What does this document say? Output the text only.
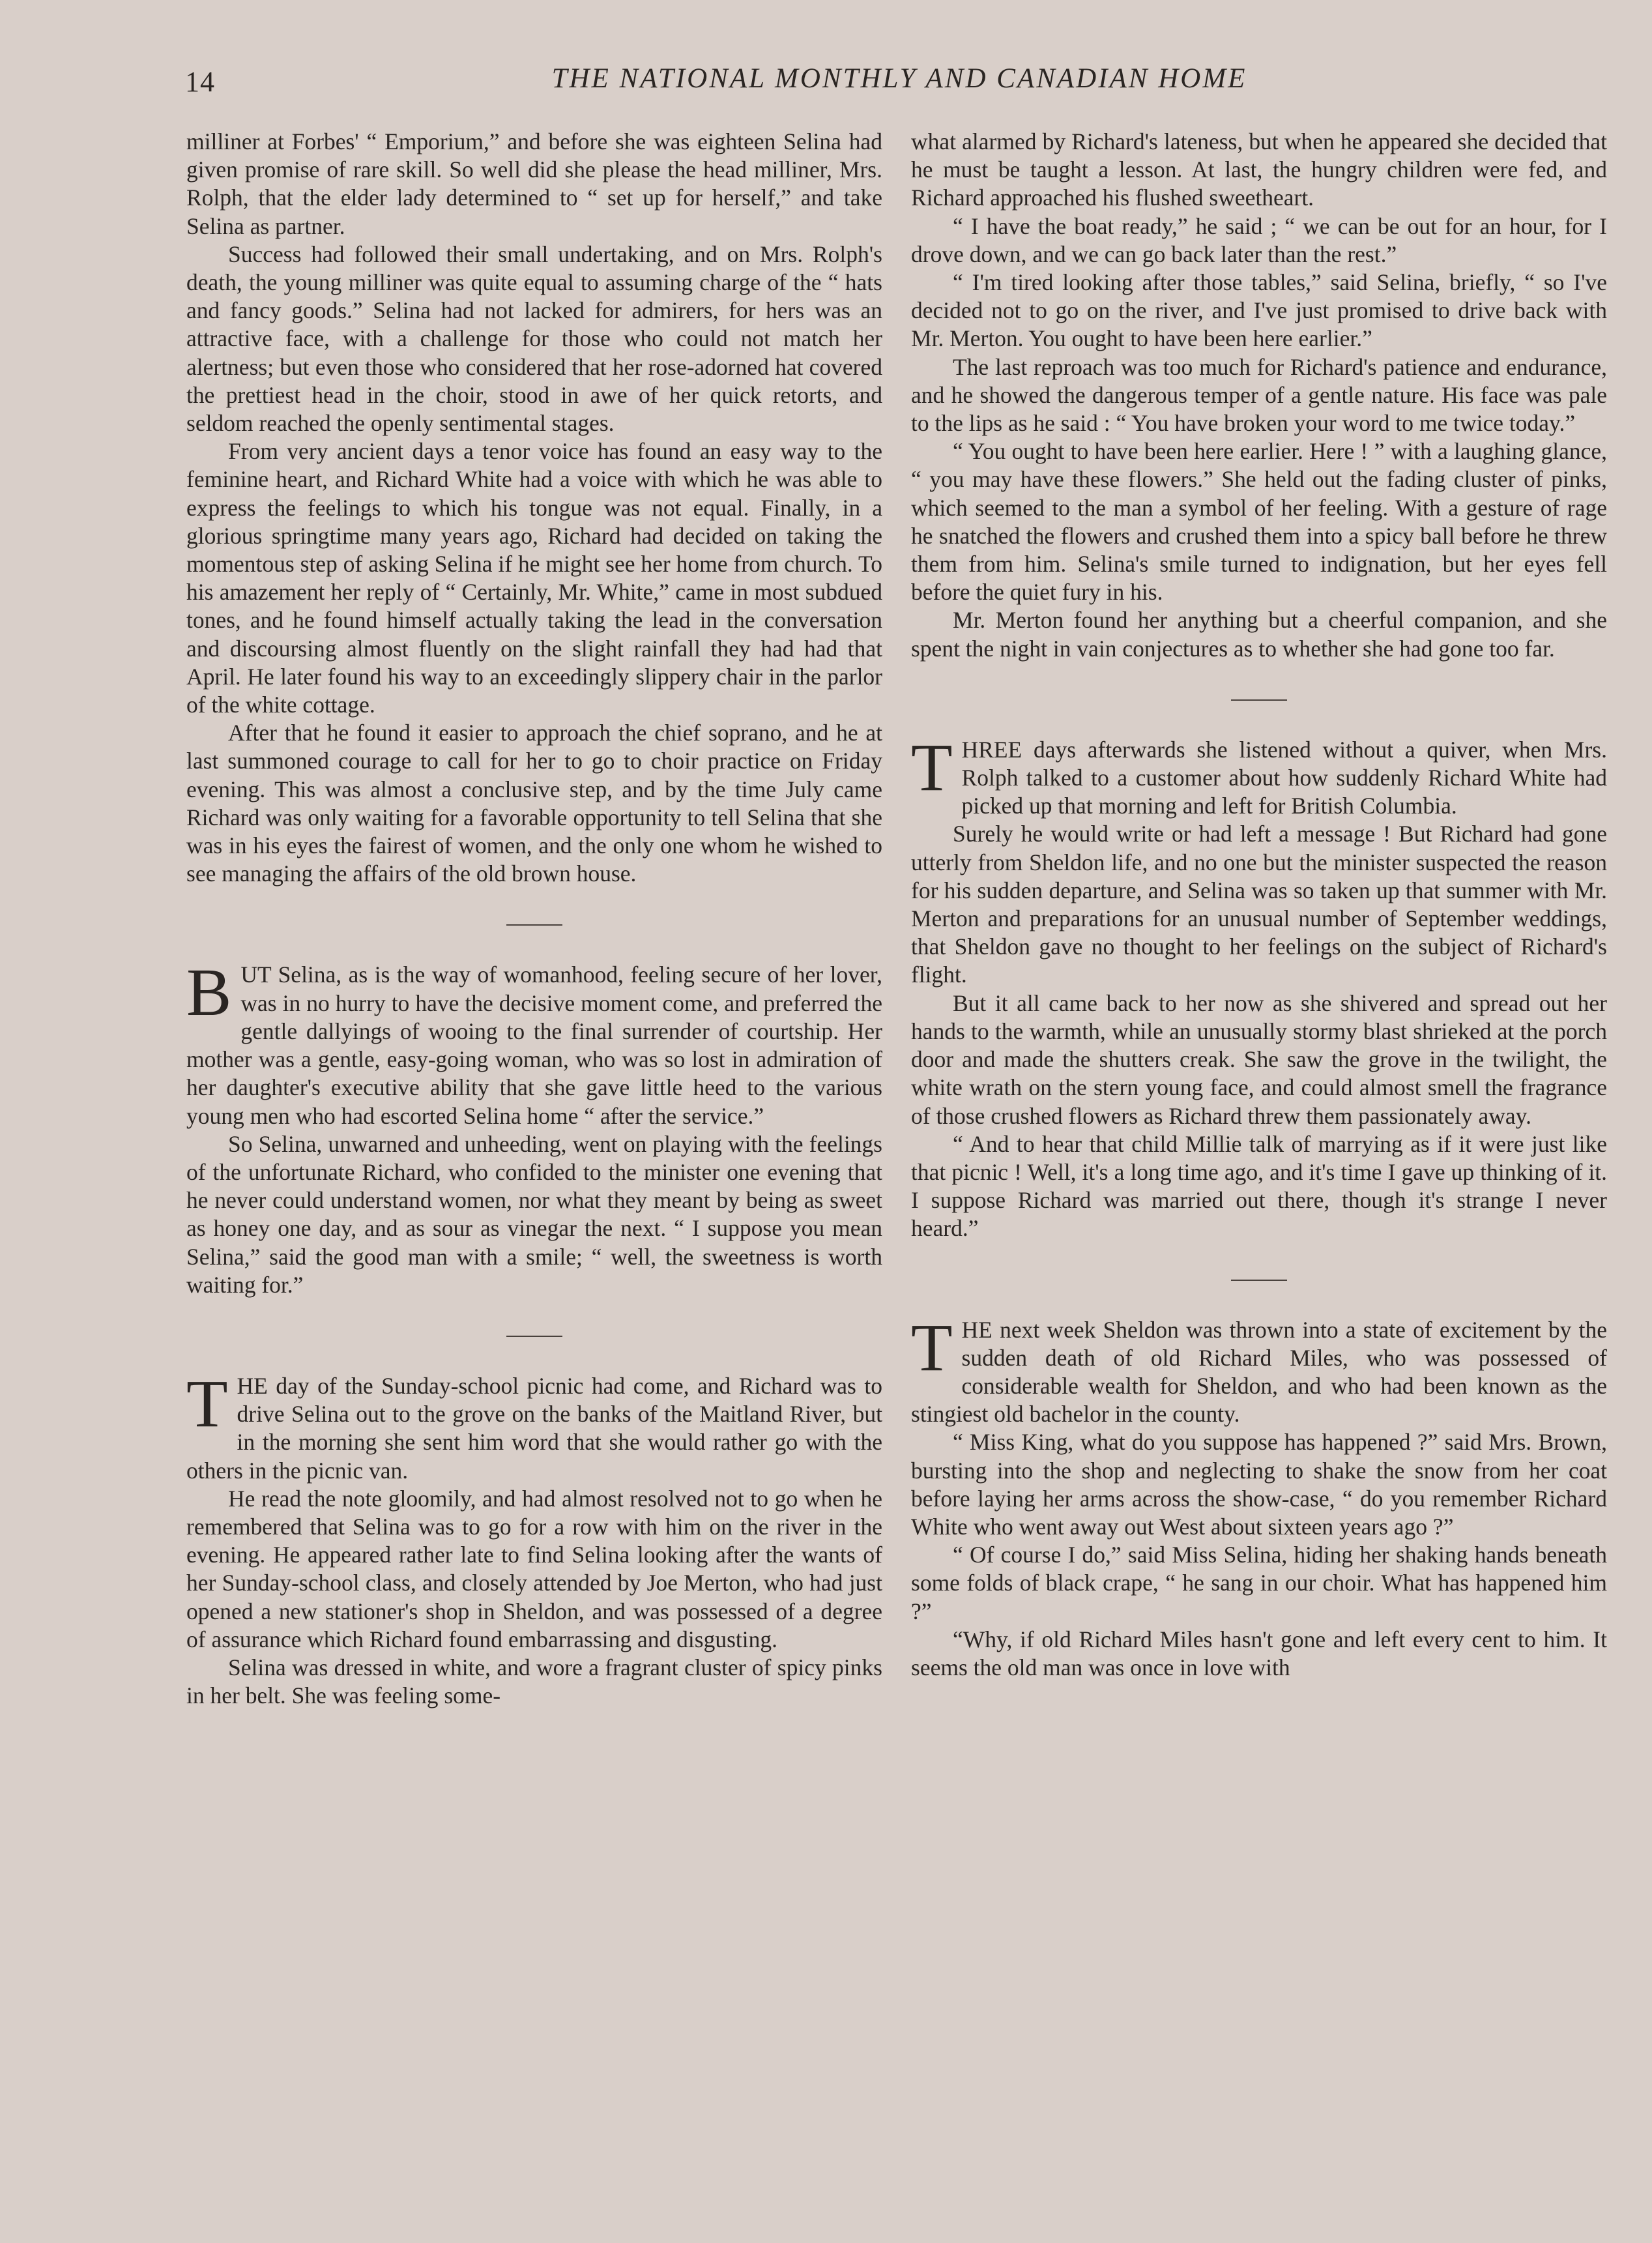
14	THE NATIONAL MONTHLY AND CANADIAN HOME

milliner at Forbes' “ Emporium,” and before she was eighteen Selina had given promise of rare skill. So well did she please the head milliner, Mrs. Rolph, that the elder lady determined to “ set up for herself,” and take Selina as partner.

Success had followed their small undertaking, and on Mrs. Rolph's death, the young milliner was quite equal to assuming charge of the “ hats and fancy goods.” Selina had not lacked for admirers, for hers was an attractive face, with a challenge for those who could not match her alertness; but even those who considered that her rose-adorned hat covered the prettiest head in the choir, stood in awe of her quick retorts, and seldom reached the openly sentimental stages.

From very ancient days a tenor voice has found an easy way to the feminine heart, and Richard White had a voice with which he was able to express the feelings to which his tongue was not equal. Finally, in a glorious springtime many years ago, Richard had decided on taking the momentous step of asking Selina if he might see her home from church. To his amazement her reply of “ Certainly, Mr. White,” came in most subdued tones, and he found himself actually taking the lead in the conversation and discoursing almost fluently on the slight rainfall they had had that April. He later found his way to an exceedingly slippery chair in the parlor of the white cottage.

After that he found it easier to approach the chief soprano, and he at last summoned courage to call for her to go to choir practice on Friday evening. This was almost a conclusive step, and by the time July came Richard was only waiting for a favorable opportunity to tell Selina that she was in his eyes the fairest of women, and the only one whom he wished to see managing the affairs of the old brown house.

BUT Selina, as is the way of womanhood, feeling secure of her lover, was in no hurry to have the decisive moment come, and preferred the gentle dallyings of wooing to the final surrender of courtship. Her mother was a gentle, easy-going woman, who was so lost in admiration of her daughter's executive ability that she gave little heed to the various young men who had escorted Selina home “ after the service.”

So Selina, unwarned and unheeding, went on playing with the feelings of the unfortunate Richard, who confided to the minister one evening that he never could understand women, nor what they meant by being as sweet as honey one day, and as sour as vinegar the next. “ I suppose you mean Selina,” said the good man with a smile; “ well, the sweetness is worth waiting for.”

THE day of the Sunday-school picnic had come, and Richard was to drive Selina out to the grove on the banks of the Maitland River, but in the morning she sent him word that she would rather go with the others in the picnic van.

He read the note gloomily, and had almost resolved not to go when he remembered that Selina was to go for a row with him on the river in the evening. He appeared rather late to find Selina looking after the wants of her Sunday-school class, and closely attended by Joe Merton, who had just opened a new stationer's shop in Sheldon, and was possessed of a degree of assurance which Richard found embarrassing and disgusting.

Selina was dressed in white, and wore a fragrant cluster of spicy pinks in her belt. She was feeling some-

what alarmed by Richard's lateness, but when he appeared she decided that he must be taught a lesson. At last, the hungry children were fed, and Richard approached his flushed sweetheart.

“ I have the boat ready,” he said ; “ we can be out for an hour, for I drove down, and we can go back later than the rest.”

“ I'm tired looking after those tables,” said Selina, briefly, “ so I've decided not to go on the river, and I've just promised to drive back with Mr. Merton. You ought to have been here earlier.”

The last reproach was too much for Richard's patience and endurance, and he showed the dangerous temper of a gentle nature. His face was pale to the lips as he said : “ You have broken your word to me twice today.”

“ You ought to have been here earlier. Here ! ” with a laughing glance, “ you may have these flowers.” She held out the fading cluster of pinks, which seemed to the man a symbol of her feeling. With a gesture of rage he snatched the flowers and crushed them into a spicy ball before he threw them from him. Selina's smile turned to indignation, but her eyes fell before the quiet fury in his.

Mr. Merton found her anything but a cheerful companion, and she spent the night in vain conjectures as to whether she had gone too far.

THREE days afterwards she listened without a quiver, when Mrs. Rolph talked to a customer about how suddenly Richard White had picked up that morning and left for British Columbia.

Surely he would write or had left a message ! But Richard had gone utterly from Sheldon life, and no one but the minister suspected the reason for his sudden departure, and Selina was so taken up that summer with Mr. Merton and preparations for an unusual number of September weddings, that Sheldon gave no thought to her feelings on the subject of Richard's flight.

But it all came back to her now as she shivered and spread out her hands to the warmth, while an unusually stormy blast shrieked at the porch door and made the shutters creak. She saw the grove in the twilight, the white wrath on the stern young face, and could almost smell the fragrance of those crushed flowers as Richard threw them passionately away.

“ And to hear that child Millie talk of marrying as if it were just like that picnic ! Well, it's a long time ago, and it's time I gave up thinking of it. I suppose Richard was married out there, though it's strange I never heard.”

THE next week Sheldon was thrown into a state of excitement by the sudden death of old Richard Miles, who was possessed of considerable wealth for Sheldon, and who had been known as the stingiest old bachelor in the county.

“ Miss King, what do you suppose has happened ?” said Mrs. Brown, bursting into the shop and neglecting to shake the snow from her coat before laying her arms across the show-case, “ do you remember Richard White who went away out West about sixteen years ago ?”

“ Of course I do,” said Miss Selina, hiding her shaking hands beneath some folds of black crape, “ he sang in our choir. What has happened him ?”

“Why, if old Richard Miles hasn't gone and left every cent to him. It seems the old man was once in love with
